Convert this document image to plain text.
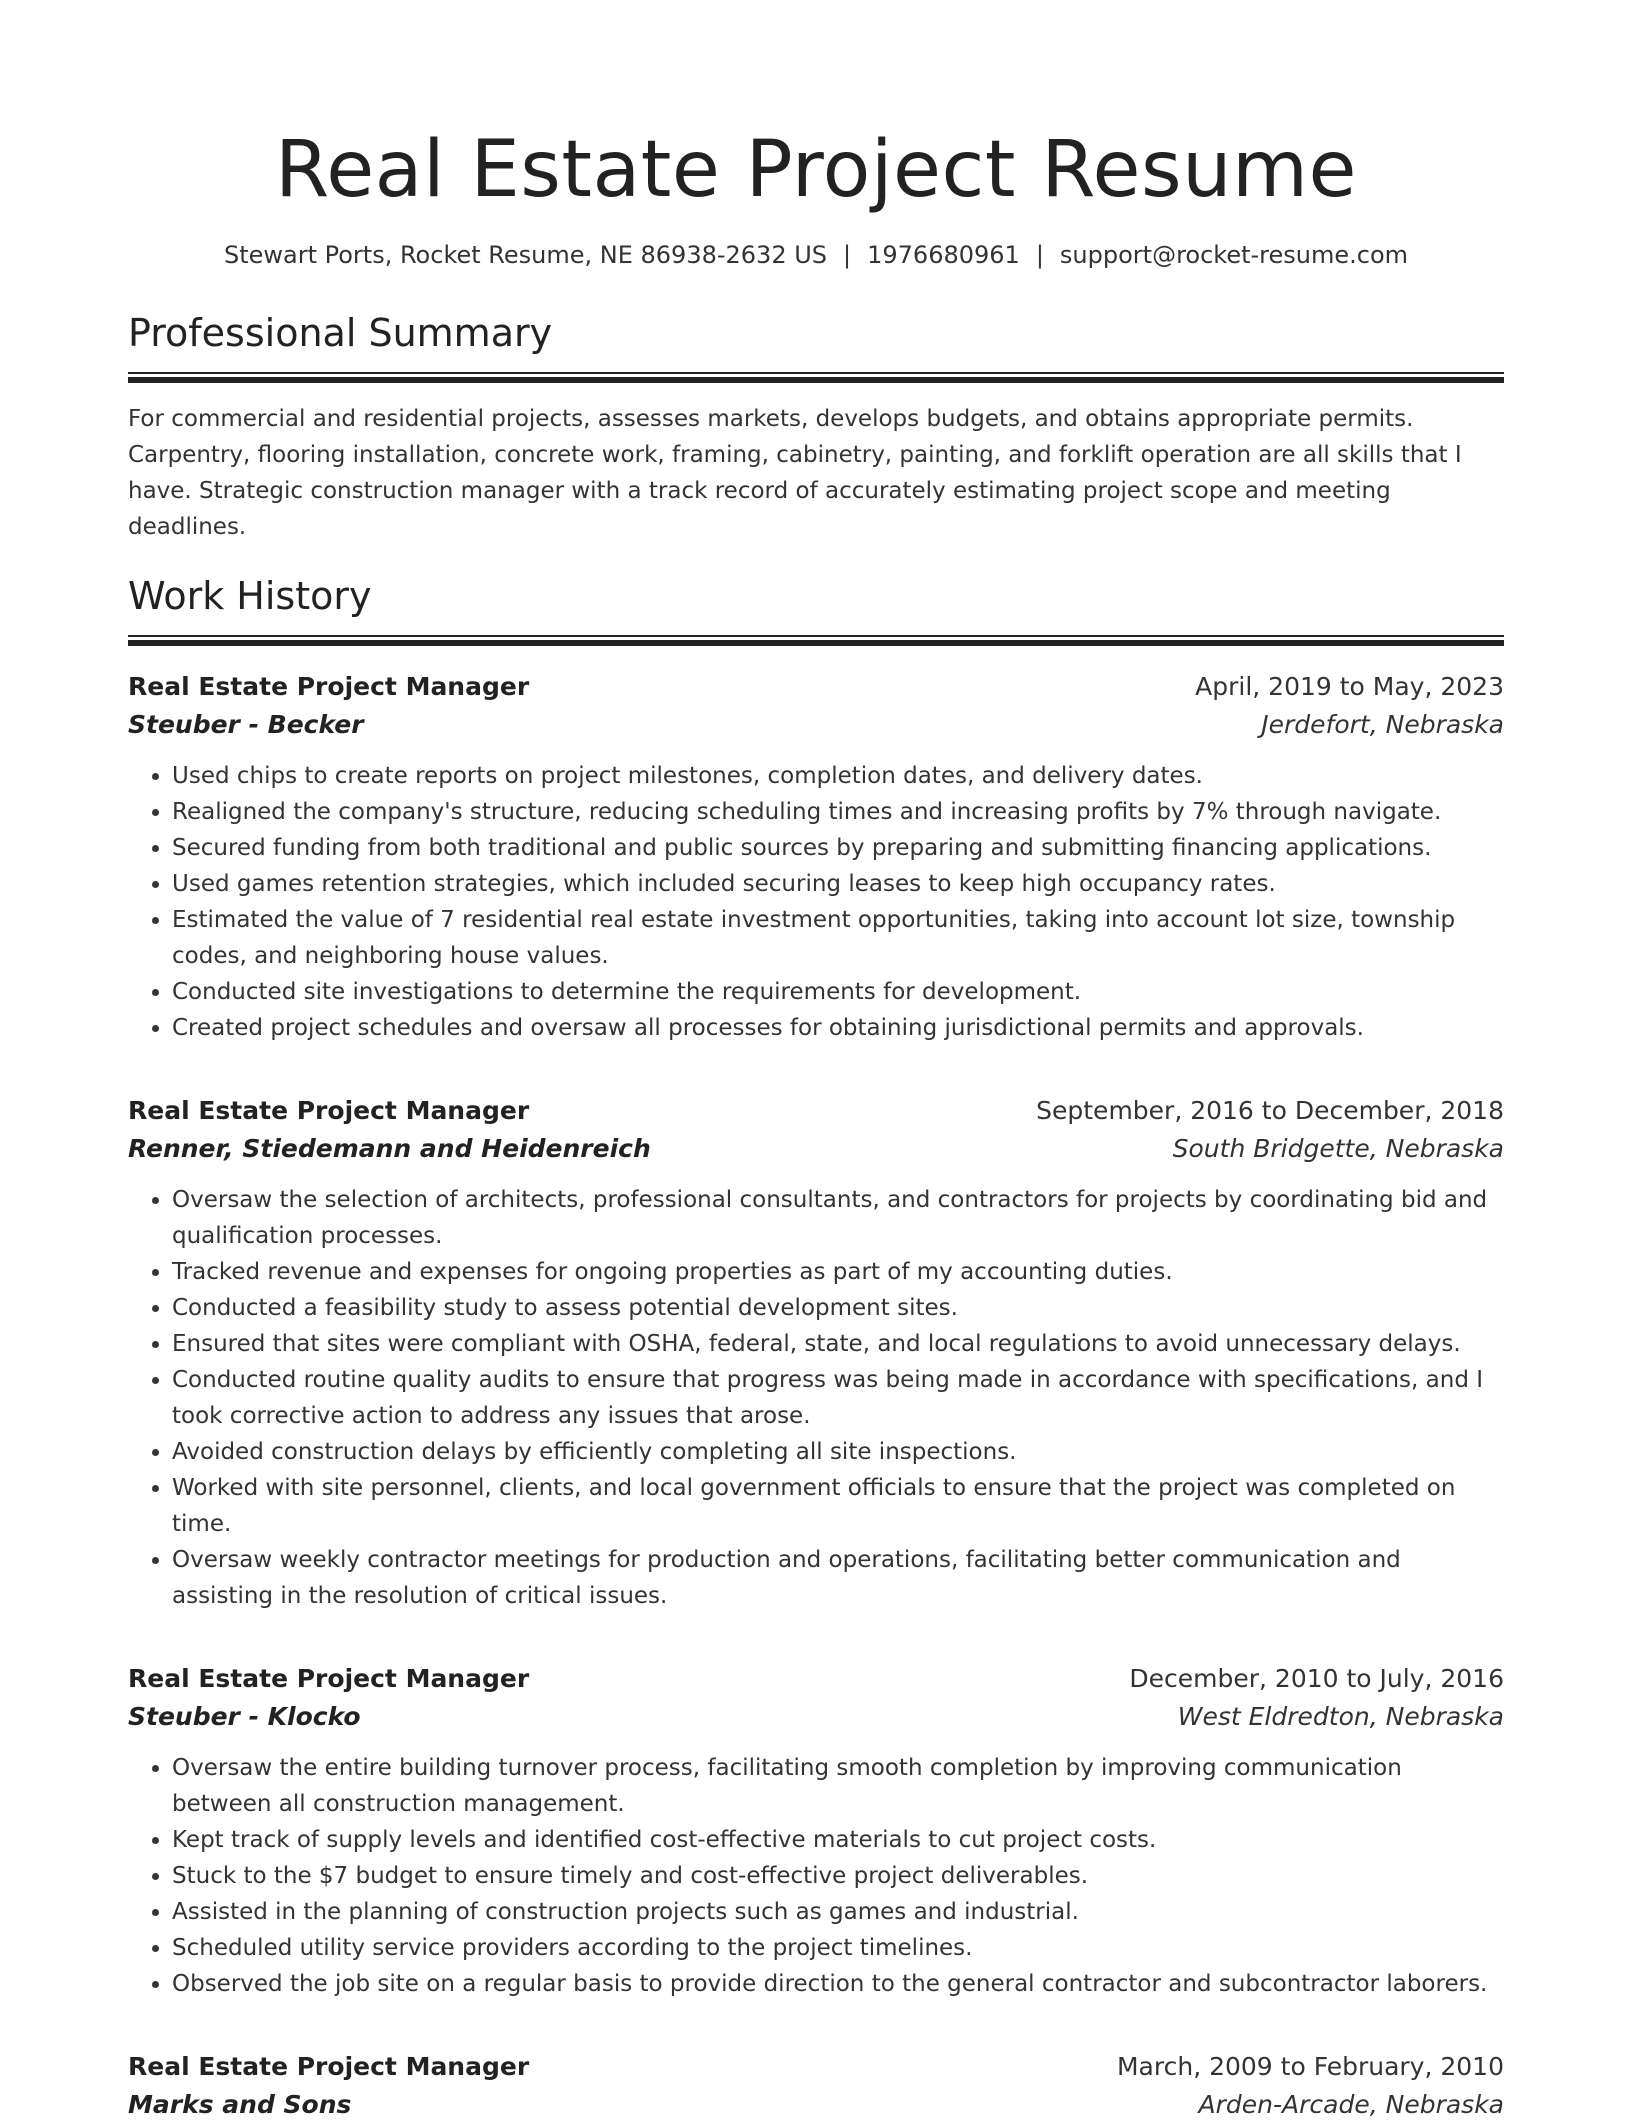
Real Estate Project Resume
Stewart Ports, Rocket Resume, NE 86938-2632 US | 1976680961 | support@rocket-resume.com
Professional Summary
For commercial and residential projects, assesses markets, develops budgets, and obtains appropriate permits. Carpentry, flooring installation, concrete work, framing, cabinetry, painting, and forklift operation are all skills that I have. Strategic construction manager with a track record of accurately estimating project scope and meeting deadlines.
Work History
Real Estate Project Manager	April, 2019 to May, 2023
Steuber - Becker	Jerdefort, Nebraska
• Used chips to create reports on project milestones, completion dates, and delivery dates.
• Realigned the company's structure, reducing scheduling times and increasing profits by 7% through navigate.
• Secured funding from both traditional and public sources by preparing and submitting financing applications.
• Used games retention strategies, which included securing leases to keep high occupancy rates.
• Estimated the value of 7 residential real estate investment opportunities, taking into account lot size, township codes, and neighboring house values.
• Conducted site investigations to determine the requirements for development.
• Created project schedules and oversaw all processes for obtaining jurisdictional permits and approvals.
Real Estate Project Manager	September, 2016 to December, 2018
Renner, Stiedemann and Heidenreich	South Bridgette, Nebraska
• Oversaw the selection of architects, professional consultants, and contractors for projects by coordinating bid and qualification processes.
• Tracked revenue and expenses for ongoing properties as part of my accounting duties.
• Conducted a feasibility study to assess potential development sites.
• Ensured that sites were compliant with OSHA, federal, state, and local regulations to avoid unnecessary delays.
• Conducted routine quality audits to ensure that progress was being made in accordance with specifications, and I took corrective action to address any issues that arose.
• Avoided construction delays by efficiently completing all site inspections.
• Worked with site personnel, clients, and local government officials to ensure that the project was completed on time.
• Oversaw weekly contractor meetings for production and operations, facilitating better communication and assisting in the resolution of critical issues.
Real Estate Project Manager	December, 2010 to July, 2016
Steuber - Klocko	West Eldredton, Nebraska
• Oversaw the entire building turnover process, facilitating smooth completion by improving communication between all construction management.
• Kept track of supply levels and identified cost-effective materials to cut project costs.
• Stuck to the $7 budget to ensure timely and cost-effective project deliverables.
• Assisted in the planning of construction projects such as games and industrial.
• Scheduled utility service providers according to the project timelines.
• Observed the job site on a regular basis to provide direction to the general contractor and subcontractor laborers.
Real Estate Project Manager	March, 2009 to February, 2010
Marks and Sons	Arden-Arcade, Nebraska
